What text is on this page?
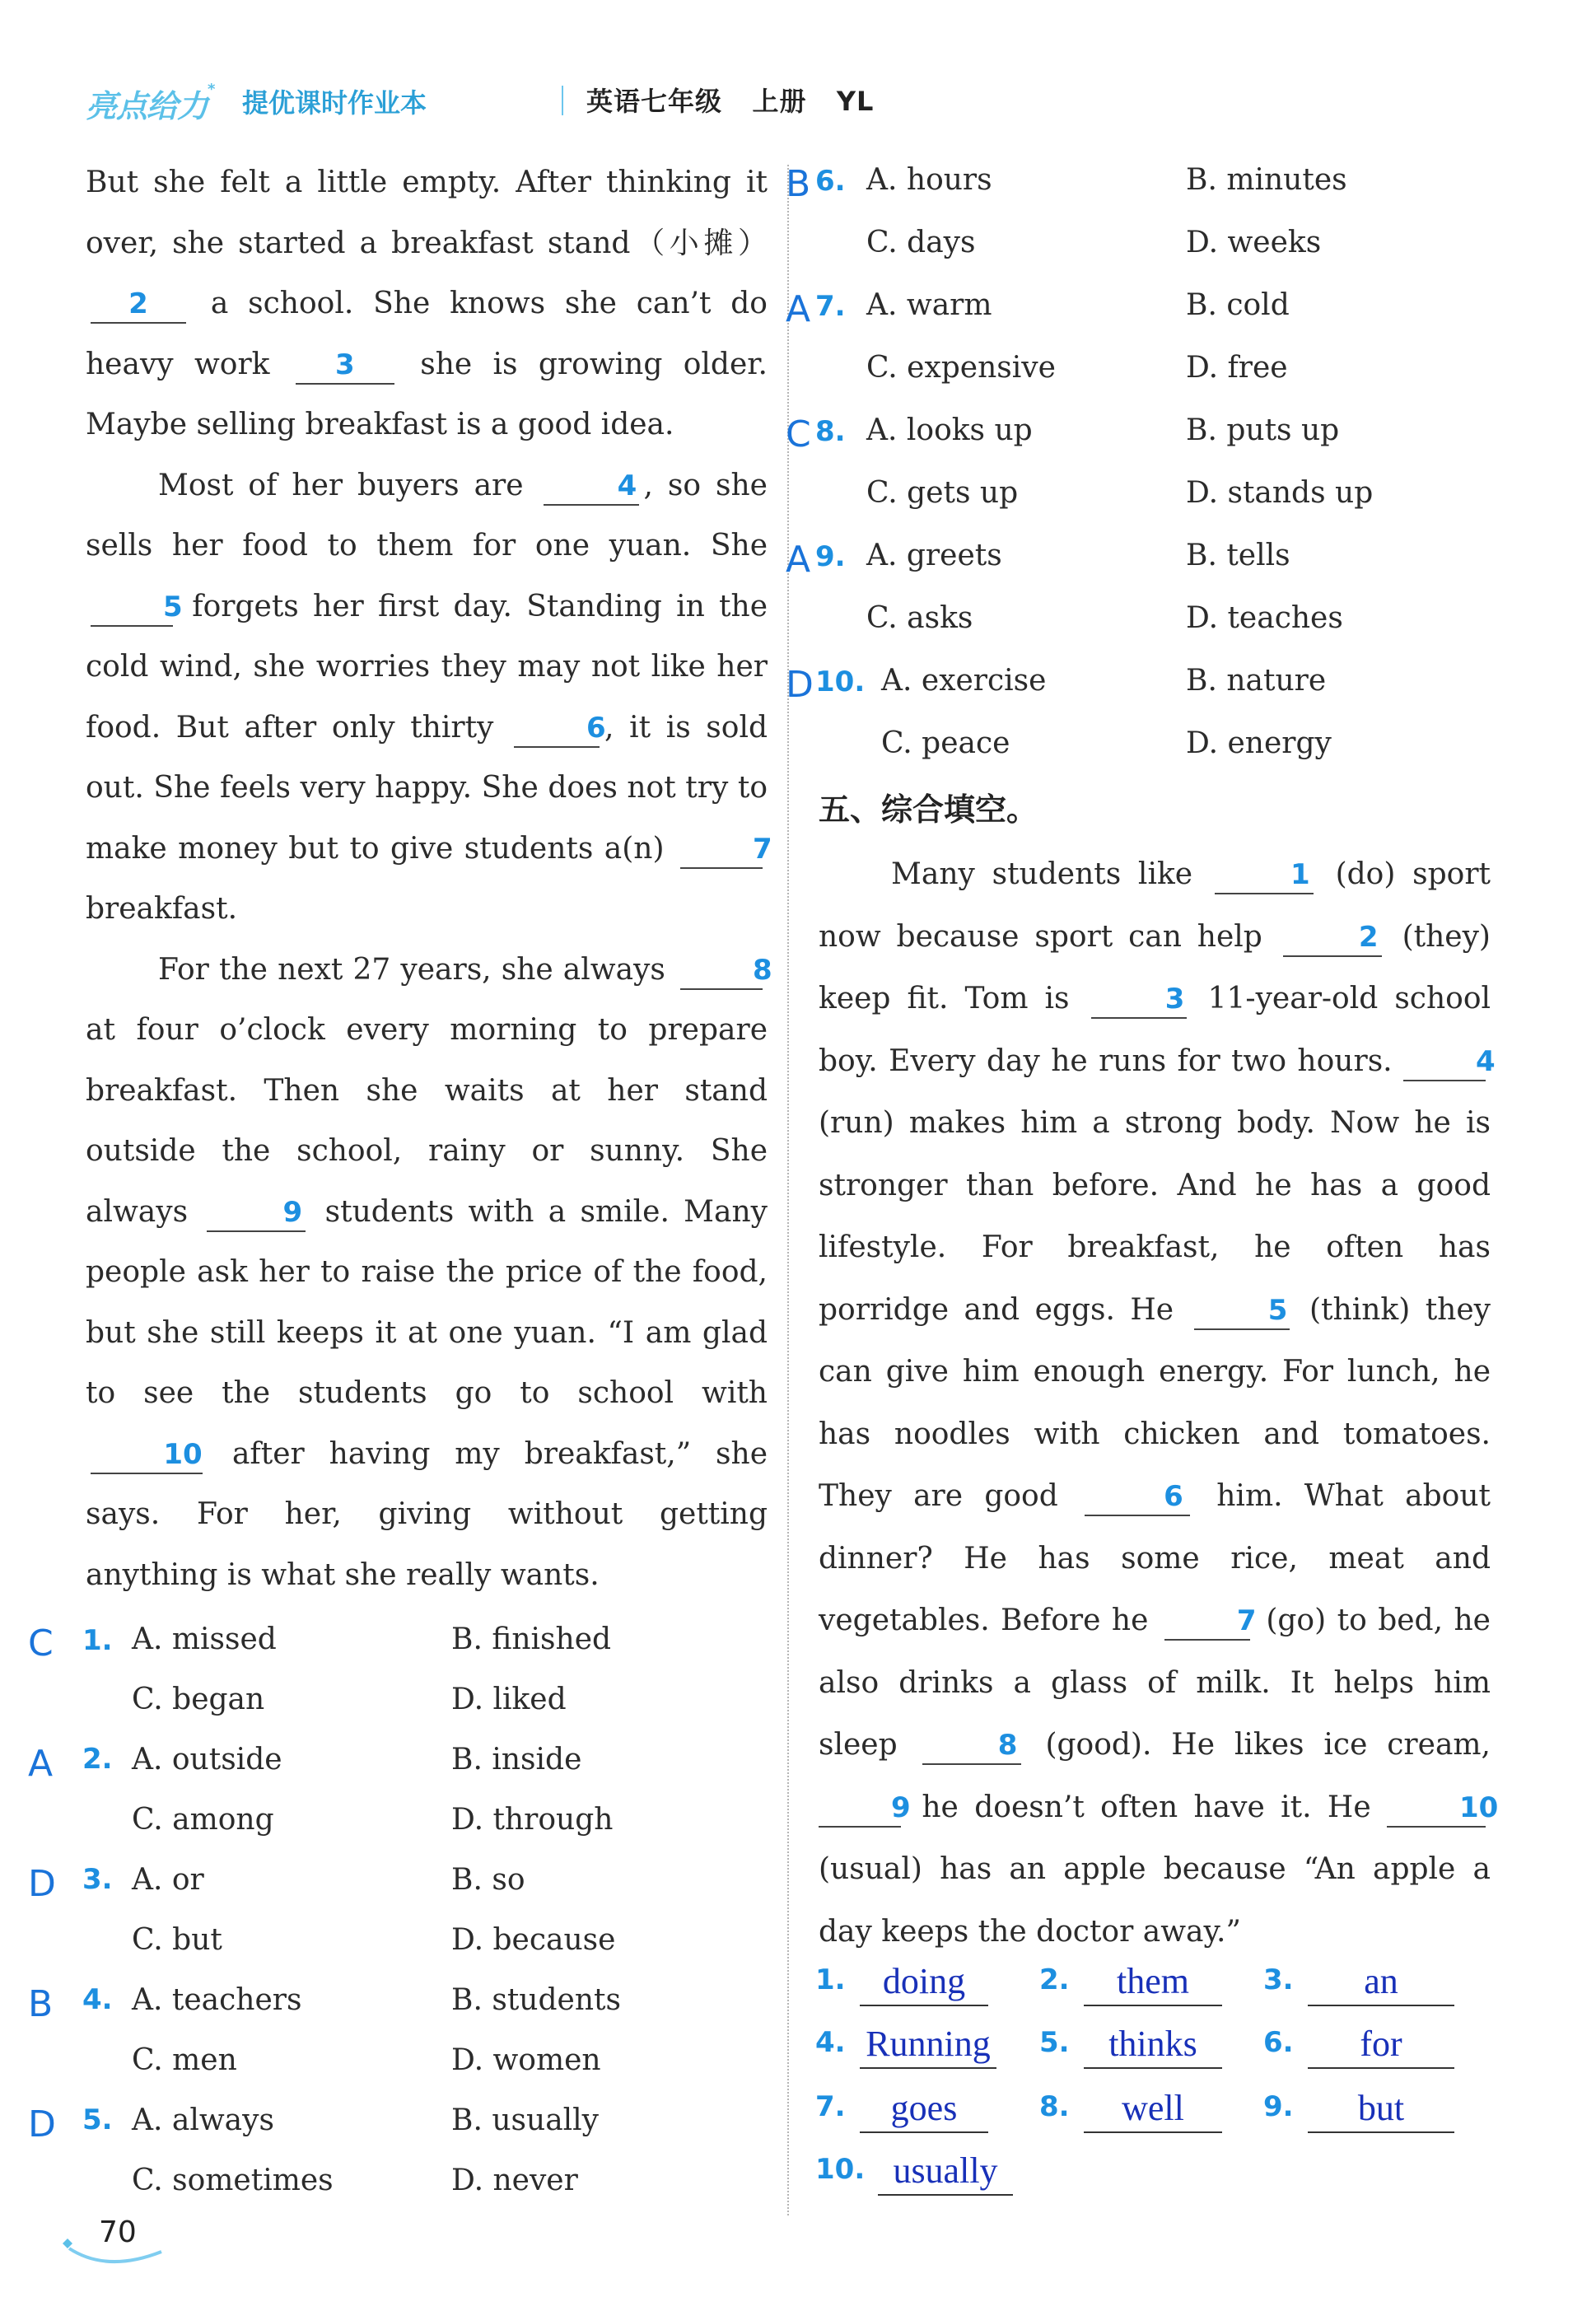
亮点给力* 提优课时作业本	英语七年级 上册 YL

But she felt a little empty. After thinking it over, she started a breakfast stand（小摊） 2 a school. She knows she can’t do heavy work 3 she is growing older. Maybe selling breakfast is a good idea.

Most of her buyers are	4 , so she sells her food to them for one yuan. She 5 forgets her first day. Standing in the cold wind, she worries they may not like her food. But after only thirty	6, it is sold out. She feels very happy. She does not try to make money but to give students a(n)	7 breakfast.

For the next 27 years, she always	8 at four o’clock every morning to prepare breakfast. Then she waits at her stand outside the school, rainy or sunny. She always	9 students with a smile. Many people ask her to raise the price of the food, but she still keeps it at one yuan. “I am glad to see the students go to school with 10 after having my breakfast,” she says. For her, giving without getting anything is what she really wants.

C 1. A. missed	B. finished
C. began	D. liked
A 2. A. outside	B. inside
C. among	D. through
D 3. A. or	B. so
C. but	D. because
B 4. A. teachers	B. students
C. men	D. women
D 5. A. always	B. usually
C. sometimes	D. never
B 6. A. hours	B. minutes
C. days	D. weeks
A 7. A. warm	B. cold
C. expensive	D. free
C 8. A. looks up	B. puts up
C. gets up	D. stands up
A 9. A. greets	B. tells
C. asks	D. teaches
D 10. A. exercise	B. nature
C. peace	D. energy
五、综合填空。

Many students like	1 (do) sport now because sport can help	2 (they) keep fit. Tom is	3 11-year-old school boy. Every day he runs for two hours.	4 (run) makes him a strong body. Now he is stronger than before. And he has a good lifestyle. For breakfast, he often has porridge and eggs. He	5 (think) they can give him enough energy. For lunch, he has noodles with chicken and tomatoes. They are good	6 him. What about dinner? He has some rice, meat and vegetables. Before he	7 (go) to bed, he also drinks a glass of milk. It helps him sleep	8 (good). He likes ice cream, 9 he doesn’t often have it. He	10 (usual) has an apple because “An apple a day keeps the doctor away.”

1.	doing	2.	them	3.	an
4. Running 5.	thinks	6.	for
7.	goes	8.	well	9.	but
10. usually
70
